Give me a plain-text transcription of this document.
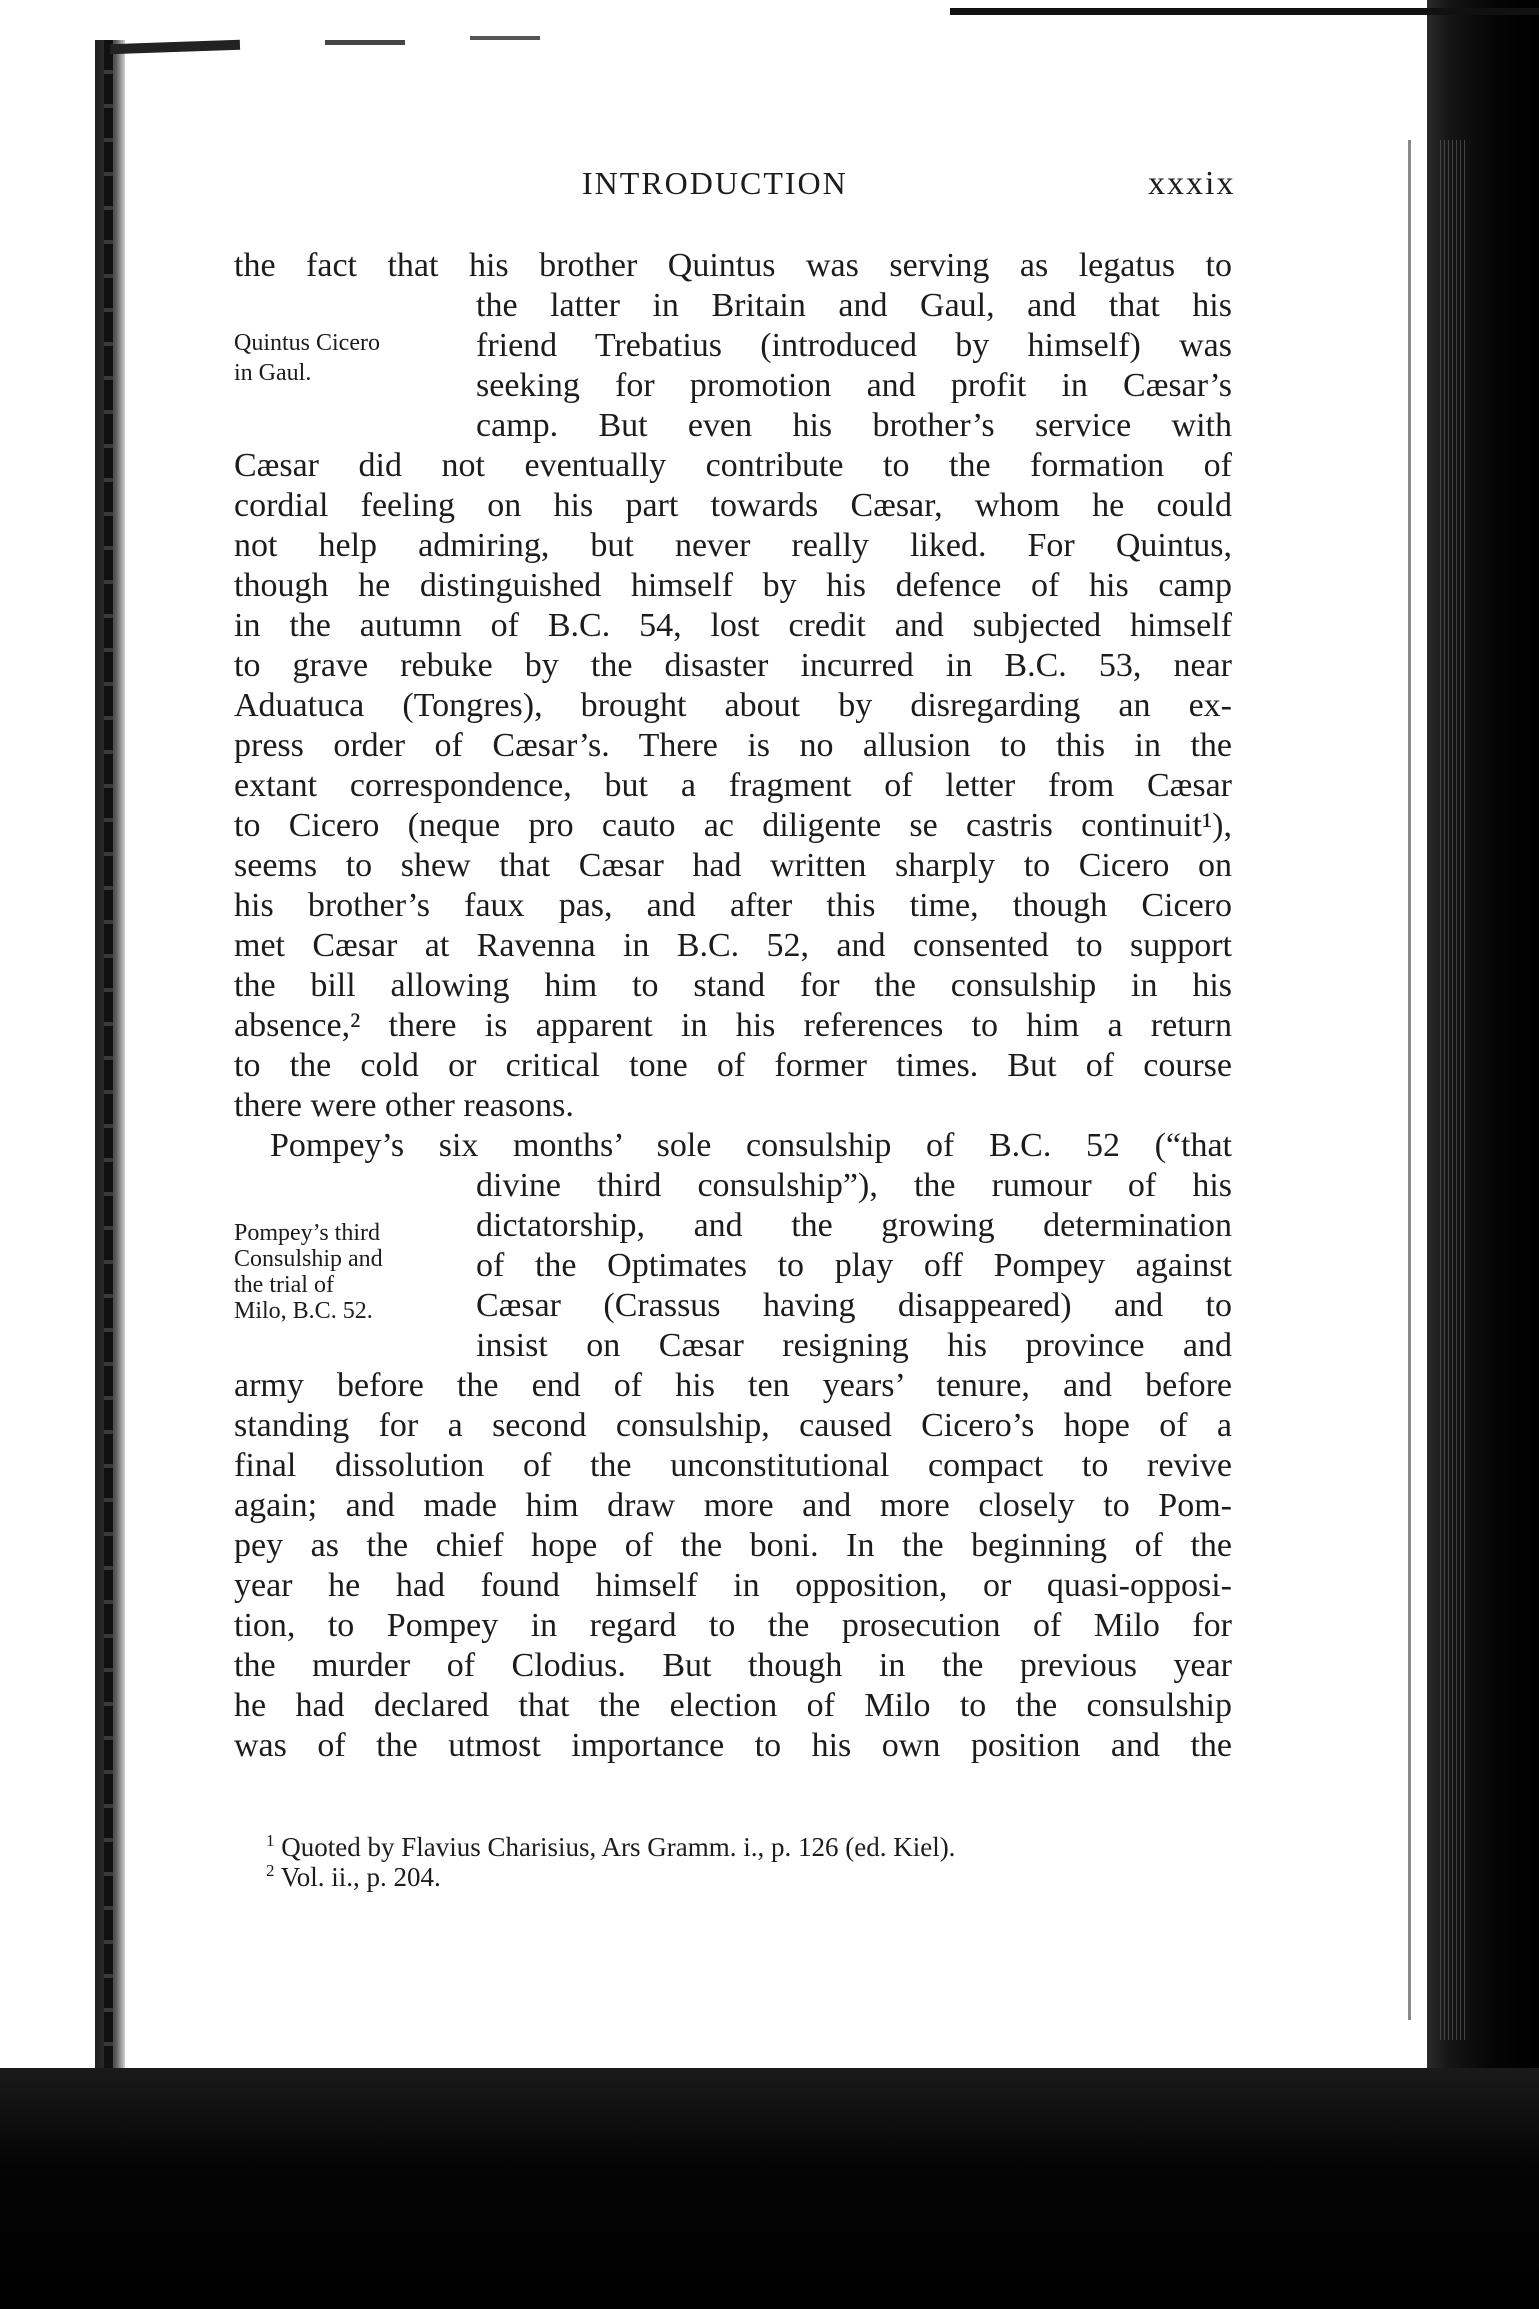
INTRODUCTION	xxxix
Quintus Cicero
in Gaul.
Pompey’s third
Consulship and
the trial of
Milo, B.C. 52.
the fact that his brother Quintus was serving as legatus to
the latter in Britain and Gaul, and that his
friend Trebatius (introduced by himself) was
seeking for promotion and profit in Cæsar’s
camp. But even his brother’s service with
Cæsar did not eventually contribute to the formation of
cordial feeling on his part towards Cæsar, whom he could
not help admiring, but never really liked. For Quintus,
though he distinguished himself by his defence of his camp
in the autumn of B.C. 54, lost credit and subjected himself
to grave rebuke by the disaster incurred in B.C. 53, near
Aduatuca (Tongres), brought about by disregarding an ex-
press order of Cæsar’s. There is no allusion to this in the
extant correspondence, but a fragment of letter from Cæsar
to Cicero (neque pro cauto ac diligente se castris continuit¹),
seems to shew that Cæsar had written sharply to Cicero on
his brother’s faux pas, and after this time, though Cicero
met Cæsar at Ravenna in B.C. 52, and consented to support
the bill allowing him to stand for the consulship in his
absence,² there is apparent in his references to him a return
to the cold or critical tone of former times. But of course
there were other reasons.
Pompey’s six months’ sole consulship of B.C. 52 (“that
divine third consulship”), the rumour of his
dictatorship, and the growing determination
of the Optimates to play off Pompey against
Cæsar (Crassus having disappeared) and to
insist on Cæsar resigning his province and
army before the end of his ten years’ tenure, and before
standing for a second consulship, caused Cicero’s hope of a
final dissolution of the unconstitutional compact to revive
again; and made him draw more and more closely to Pom-
pey as the chief hope of the boni. In the beginning of the
year he had found himself in opposition, or quasi-opposi-
tion, to Pompey in regard to the prosecution of Milo for
the murder of Clodius. But though in the previous year
he had declared that the election of Milo to the consulship
was of the utmost importance to his own position and the
$^1$ Quoted by Flavius Charisius, Ars Gramm. i., p. 126 (ed. Kiel).
$^2$ Vol. ii., p. 204.
